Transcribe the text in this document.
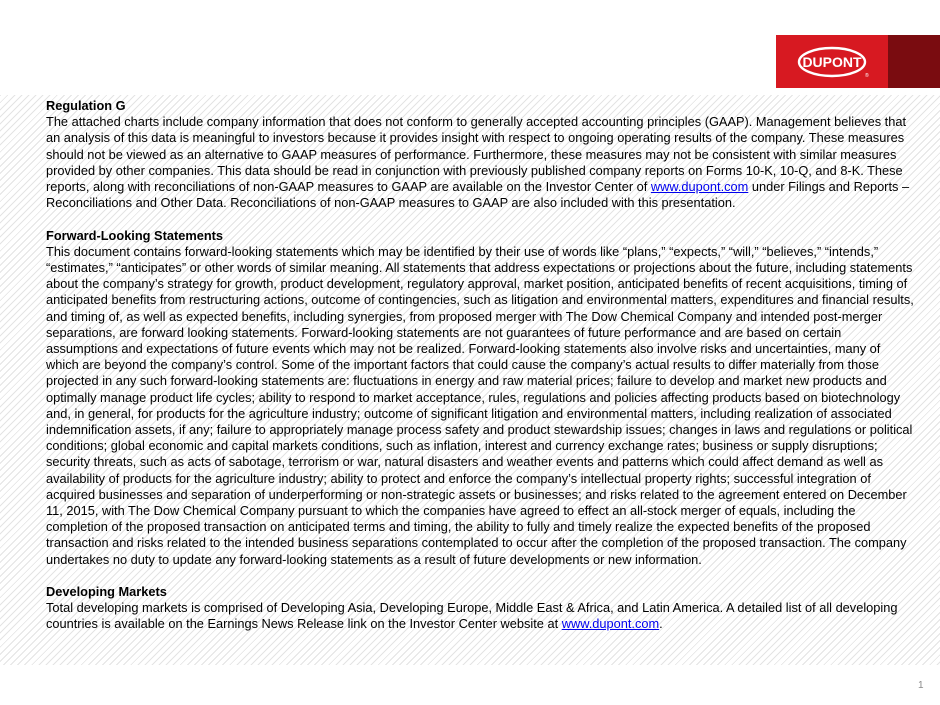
DUPONT
®

Regulation G

The attached charts include company information that does not conform to generally accepted accounting principles (GAAP). Management believes that an analysis of this data is meaningful to investors because it provides insight with respect to ongoing operating results of the company. These measures should not be viewed as an alternative to GAAP measures of performance. Furthermore, these measures may not be consistent with similar measures provided by other companies. This data should be read in conjunction with previously published company reports on Forms 10-K, 10-Q, and 8-K. These reports, along with reconciliations of non-GAAP measures to GAAP are available on the Investor Center of www.dupont.com under Filings and Reports – Reconciliations and Other Data. Reconciliations of non-GAAP measures to GAAP are also included with this presentation.

Forward-Looking Statements

This document contains forward-looking statements which may be identified by their use of words like “plans,” “expects,” “will,” “believes,” “intends,” “estimates,” “anticipates” or other words of similar meaning. All statements that address expectations or projections about the future, including statements about the company’s strategy for growth, product development, regulatory approval, market position, anticipated benefits of recent acquisitions, timing of anticipated benefits from restructuring actions, outcome of contingencies, such as litigation and environmental matters, expenditures and financial results, and timing of, as well as expected benefits, including synergies, from proposed merger with The Dow Chemical Company and intended post-merger separations, are forward looking statements. Forward-looking statements are not guarantees of future performance and are based on certain assumptions and expectations of future events which may not be realized. Forward-looking statements also involve risks and uncertainties, many of which are beyond the company’s control. Some of the important factors that could cause the company’s actual results to differ materially from those projected in any such forward-looking statements are: fluctuations in energy and raw material prices; failure to develop and market new products and optimally manage product life cycles; ability to respond to market acceptance, rules, regulations and policies affecting products based on biotechnology and, in general, for products for the agriculture industry; outcome of significant litigation and environmental matters, including realization of associated indemnification assets, if any; failure to appropriately manage process safety and product stewardship issues; changes in laws and regulations or political conditions; global economic and capital markets conditions, such as inflation, interest and currency exchange rates; business or supply disruptions; security threats, such as acts of sabotage, terrorism or war, natural disasters and weather events and patterns which could affect demand as well as availability of products for the agriculture industry; ability to protect and enforce the company’s intellectual property rights; successful integration of acquired businesses and separation of underperforming or non-strategic assets or businesses; and risks related to the agreement entered on December 11, 2015, with The Dow Chemical Company pursuant to which the companies have agreed to effect an all-stock merger of equals, including the completion of the proposed transaction on anticipated terms and timing, the ability to fully and timely realize the expected benefits of the proposed transaction and risks related to the intended business separations contemplated to occur after the completion of the proposed transaction. The company undertakes no duty to update any forward-looking statements as a result of future developments or new information.

Developing Markets

Total developing markets is comprised of Developing Asia, Developing Europe, Middle East & Africa, and Latin America. A detailed list of all developing countries is available on the Earnings News Release link on the Investor Center website at www.dupont.com.

1
